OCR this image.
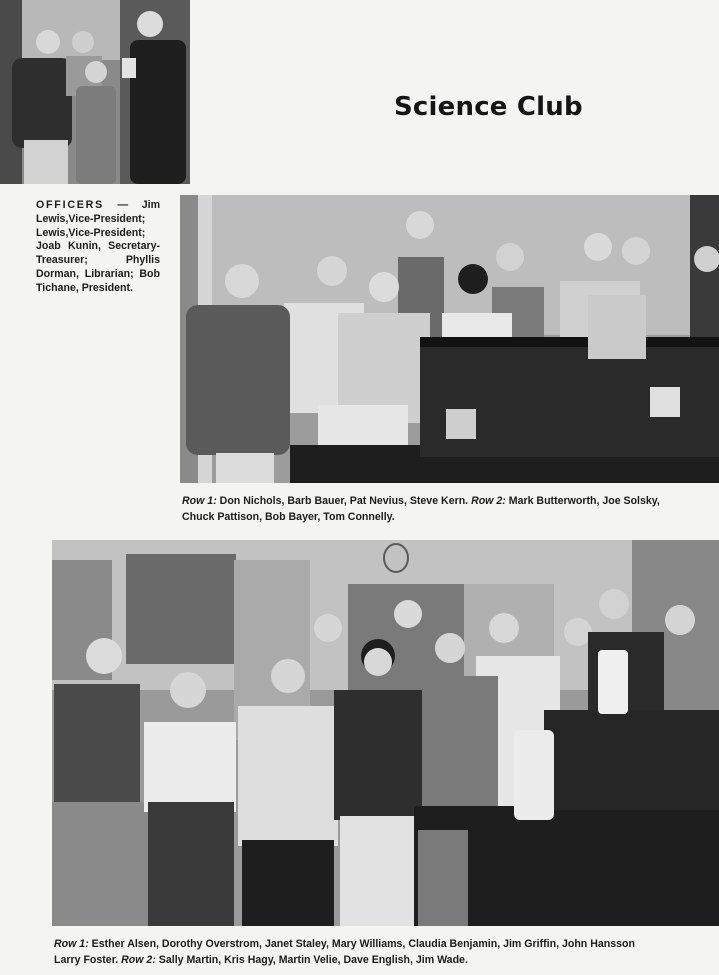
Science Club

OFFICERS — Jim Lewis,Vice-President; Lewis,Vice-President; Joab Kunin, Secretary-Treasurer; Phyllis Dorman, Librarian; Bob Tichane, President.

Row 1: Don Nichols, Barb Bauer, Pat Nevius, Steve Kern. Row 2: Mark Butterworth, Joe Solsky,
Chuck Pattison, Bob Bayer, Tom Connelly.

Row 1: Esther Alsen, Dorothy Overstrom, Janet Staley, Mary Williams, Claudia Benjamin, Jim Griffin, John Hansson
Larry Foster. Row 2: Sally Martin, Kris Hagy, Martin Velie, Dave English, Jim Wade.
